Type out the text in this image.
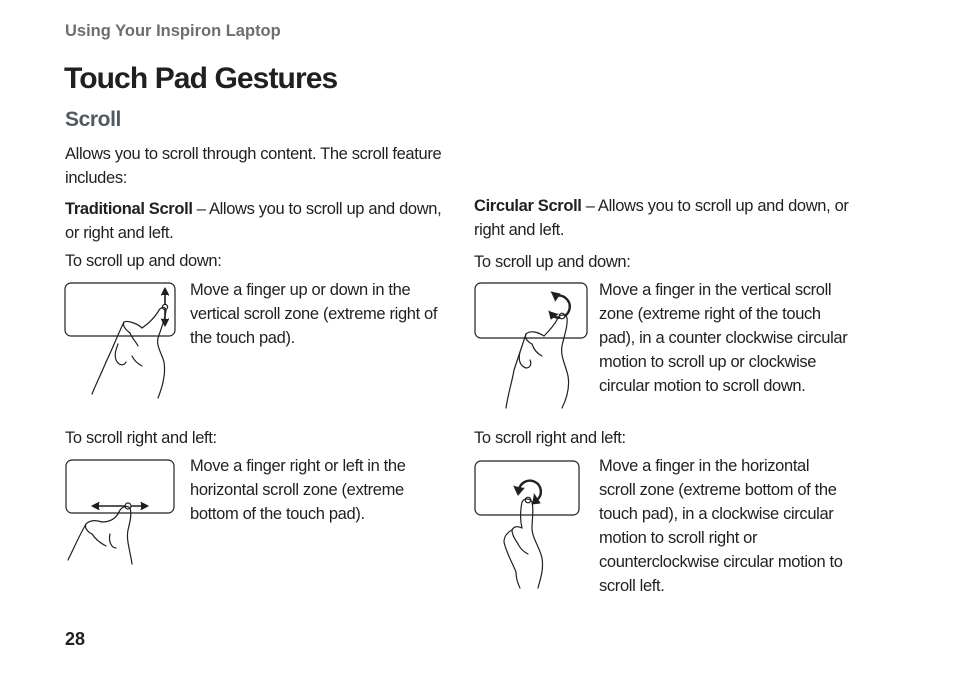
Using Your Inspiron Laptop
Touch Pad Gestures
Scroll

Allows you to scroll through content. The scroll feature includes:

Traditional Scroll – Allows you to scroll up and down, or right and left.

To scroll up and down:

Move a finger up or down in the vertical scroll zone (extreme right of the touch pad).

To scroll right and left:

Move a finger right or left in the horizontal scroll zone (extreme bottom of the touch pad).

Circular Scroll – Allows you to scroll up and down, or right and left.

To scroll up and down:

Move a finger in the vertical scroll zone (extreme right of the touch pad), in a counter clockwise circular motion to scroll up or clockwise circular motion to scroll down.

To scroll right and left:

Move a finger in the horizontal scroll zone (extreme bottom of the touch pad), in a clockwise circular motion to scroll right or counterclockwise circular motion to scroll left.

28
